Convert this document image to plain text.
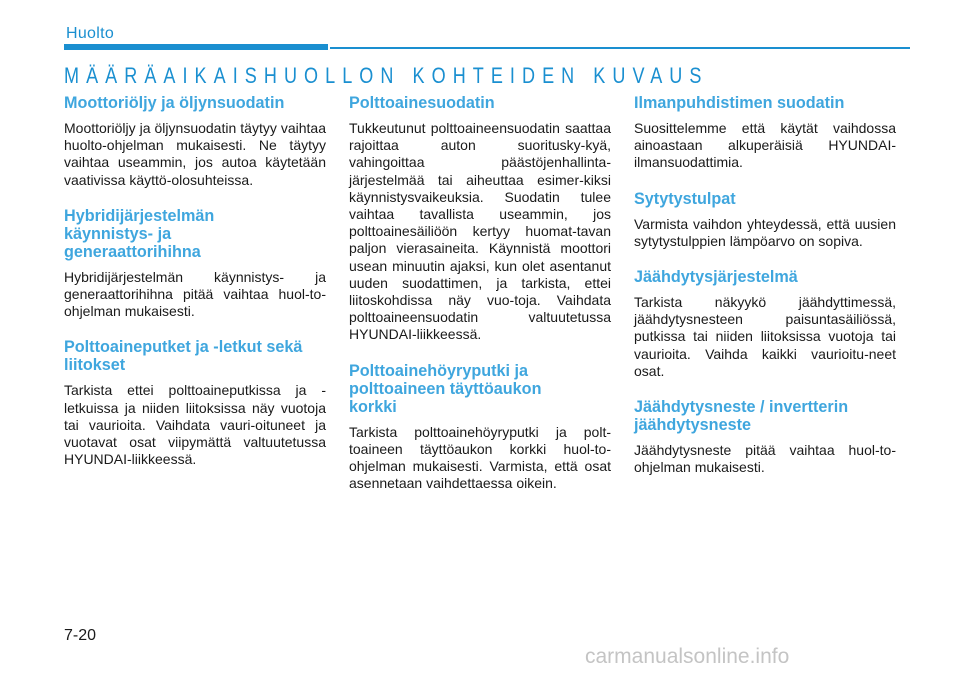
Huolto
MÄÄRÄAIKAISHUOLLON KOHTEIDEN KUVAUS
Moottoriöljy ja öljynsuodatin

Moottoriöljy ja öljynsuodatin täytyy vaihtaa huolto-ohjelman mukaisesti. Ne täytyy vaihtaa useammin, jos autoa käytetään vaativissa käyttö-olosuhteissa.

Hybridijärjestelmän käynnistys- ja generaattorihihna

Hybridijärjestelmän käynnistys- ja generaattorihihna pitää vaihtaa huol-to-ohjelman mukaisesti.

Polttoaineputket ja -letkut sekä liitokset

Tarkista ettei polttoaineputkissa ja -letkuissa ja niiden liitoksissa näy vuotoja tai vaurioita. Vaihdata vauri-oituneet ja vuotavat osat viipymättä valtuutetussa HYUNDAI-liikkeessä.

Polttoainesuodatin

Tukkeutunut polttoaineensuodatin saattaa rajoittaa auton suoritusky-kyä, vahingoittaa päästöjenhallinta-järjestelmää tai aiheuttaa esimer-kiksi käynnistysvaikeuksia. Suodatin tulee vaihtaa tavallista useammin, jos polttoainesäiliöön kertyy huomat-tavan paljon vierasaineita. Käynnistä moottori usean minuutin ajaksi, kun olet asentanut uuden suodattimen, ja tarkista, ettei liitoskohdissa näy vuo-toja. Vaihdata polttoaineensuodatin valtuutetussa HYUNDAI-liikkeessä.

Polttoainehöyryputki ja polttoaineen täyttöaukon korkki

Tarkista polttoainehöyryputki ja polt-toaineen täyttöaukon korkki huol-to-ohjelman mukaisesti. Varmista, että osat asennetaan vaihdettaessa oikein.

Ilmanpuhdistimen suodatin

Suosittelemme että käytät vaihdossa ainoastaan alkuperäisiä HYUNDAI-ilmansuodattimia.

Sytytystulpat

Varmista vaihdon yhteydessä, että uusien sytytystulppien lämpöarvo on sopiva.

Jäähdytysjärjestelmä

Tarkista näkyykö jäähdyttimessä, jäähdytysnesteen paisuntasäiliössä, putkissa tai niiden liitoksissa vuotoja tai vaurioita. Vaihda kaikki vaurioitu-neet osat.

Jäähdytysneste / invertterin jäähdytysneste

Jäähdytysneste pitää vaihtaa huol-to-ohjelman mukaisesti.

7-20
carmanualsonline.info
